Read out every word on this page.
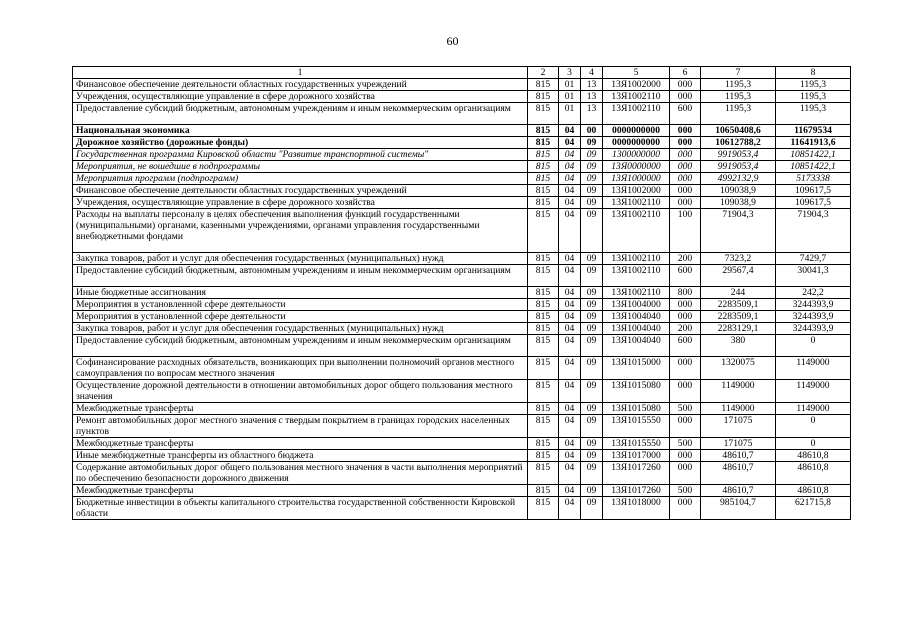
60
1	2	3	4	5	6	7	8
Финансовое обеспечение деятельности областных государственных учреждений	815	01	13	13Я1002000	000	1195,3	1195,3
Учреждения, осуществляющие управление в сфере дорожного хозяйства	815	01	13	13Я1002110	000	1195,3	1195,3
Предоставление субсидий бюджетным, автономным учреждениям и иным некоммерческим организациям	815	01	13	13Я1002110	600	1195,3	1195,3
Национальная экономика	815	04	00	0000000000	000	10650408,6	11679534
Дорожное хозяйство (дорожные фонды)	815	04	09	0000000000	000	10612788,2	11641913,6
Государственная программа Кировской области "Развитие транспортной системы"	815	04	09	1300000000	000	9919053,4	10851422,1
Мероприятия, не вошедшие в подпрограммы	815	04	09	13Я0000000	000	9919053,4	10851422,1
Мероприятия программ (подпрограмм)	815	04	09	13Я1000000	000	4992132,9	5173338
Финансовое обеспечение деятельности областных государственных учреждений	815	04	09	13Я1002000	000	109038,9	109617,5
Учреждения, осуществляющие управление в сфере дорожного хозяйства	815	04	09	13Я1002110	000	109038,9	109617,5
Расходы на выплаты персоналу в целях обеспечения выполнения функций государственными (муниципальными) органами, казенными учреждениями, органами управления государственными внебюджетными фондами	815	04	09	13Я1002110	100	71904,3	71904,3
Закупка товаров, работ и услуг для обеспечения государственных (муниципальных) нужд	815	04	09	13Я1002110	200	7323,2	7429,7
Предоставление субсидий бюджетным, автономным учреждениям и иным некоммерческим организациям	815	04	09	13Я1002110	600	29567,4	30041,3
Иные бюджетные ассигнования	815	04	09	13Я1002110	800	244	242,2
Мероприятия в установленной сфере деятельности	815	04	09	13Я1004000	000	2283509,1	3244393,9
Мероприятия в установленной сфере деятельности	815	04	09	13Я1004040	000	2283509,1	3244393,9
Закупка товаров, работ и услуг для обеспечения государственных (муниципальных) нужд	815	04	09	13Я1004040	200	2283129,1	3244393,9
Предоставление субсидий бюджетным, автономным учреждениям и иным некоммерческим организациям	815	04	09	13Я1004040	600	380	0
Софинансирование расходных обязательств, возникающих при выполнении полномочий органов местного самоуправления по вопросам местного значения	815	04	09	13Я1015000	000	1320075	1149000
Осуществление дорожной деятельности в отношении автомобильных дорог общего пользования местного значения	815	04	09	13Я1015080	000	1149000	1149000
Межбюджетные трансферты	815	04	09	13Я1015080	500	1149000	1149000
Ремонт автомобильных дорог местного значения с твердым покрытием в границах городских населенных пунктов	815	04	09	13Я1015550	000	171075	0
Межбюджетные трансферты	815	04	09	13Я1015550	500	171075	0
Иные межбюджетные трансферты из областного бюджета	815	04	09	13Я1017000	000	48610,7	48610,8
Содержание автомобильных дорог общего пользования местного значения в части выполнения мероприятий по обеспечению безопасности дорожного движения	815	04	09	13Я1017260	000	48610,7	48610,8
Межбюджетные трансферты	815	04	09	13Я1017260	500	48610,7	48610,8
Бюджетные инвестиции в объекты капитального строительства государственной собственности Кировской области	815	04	09	13Я1018000	000	985104,7	621715,8
